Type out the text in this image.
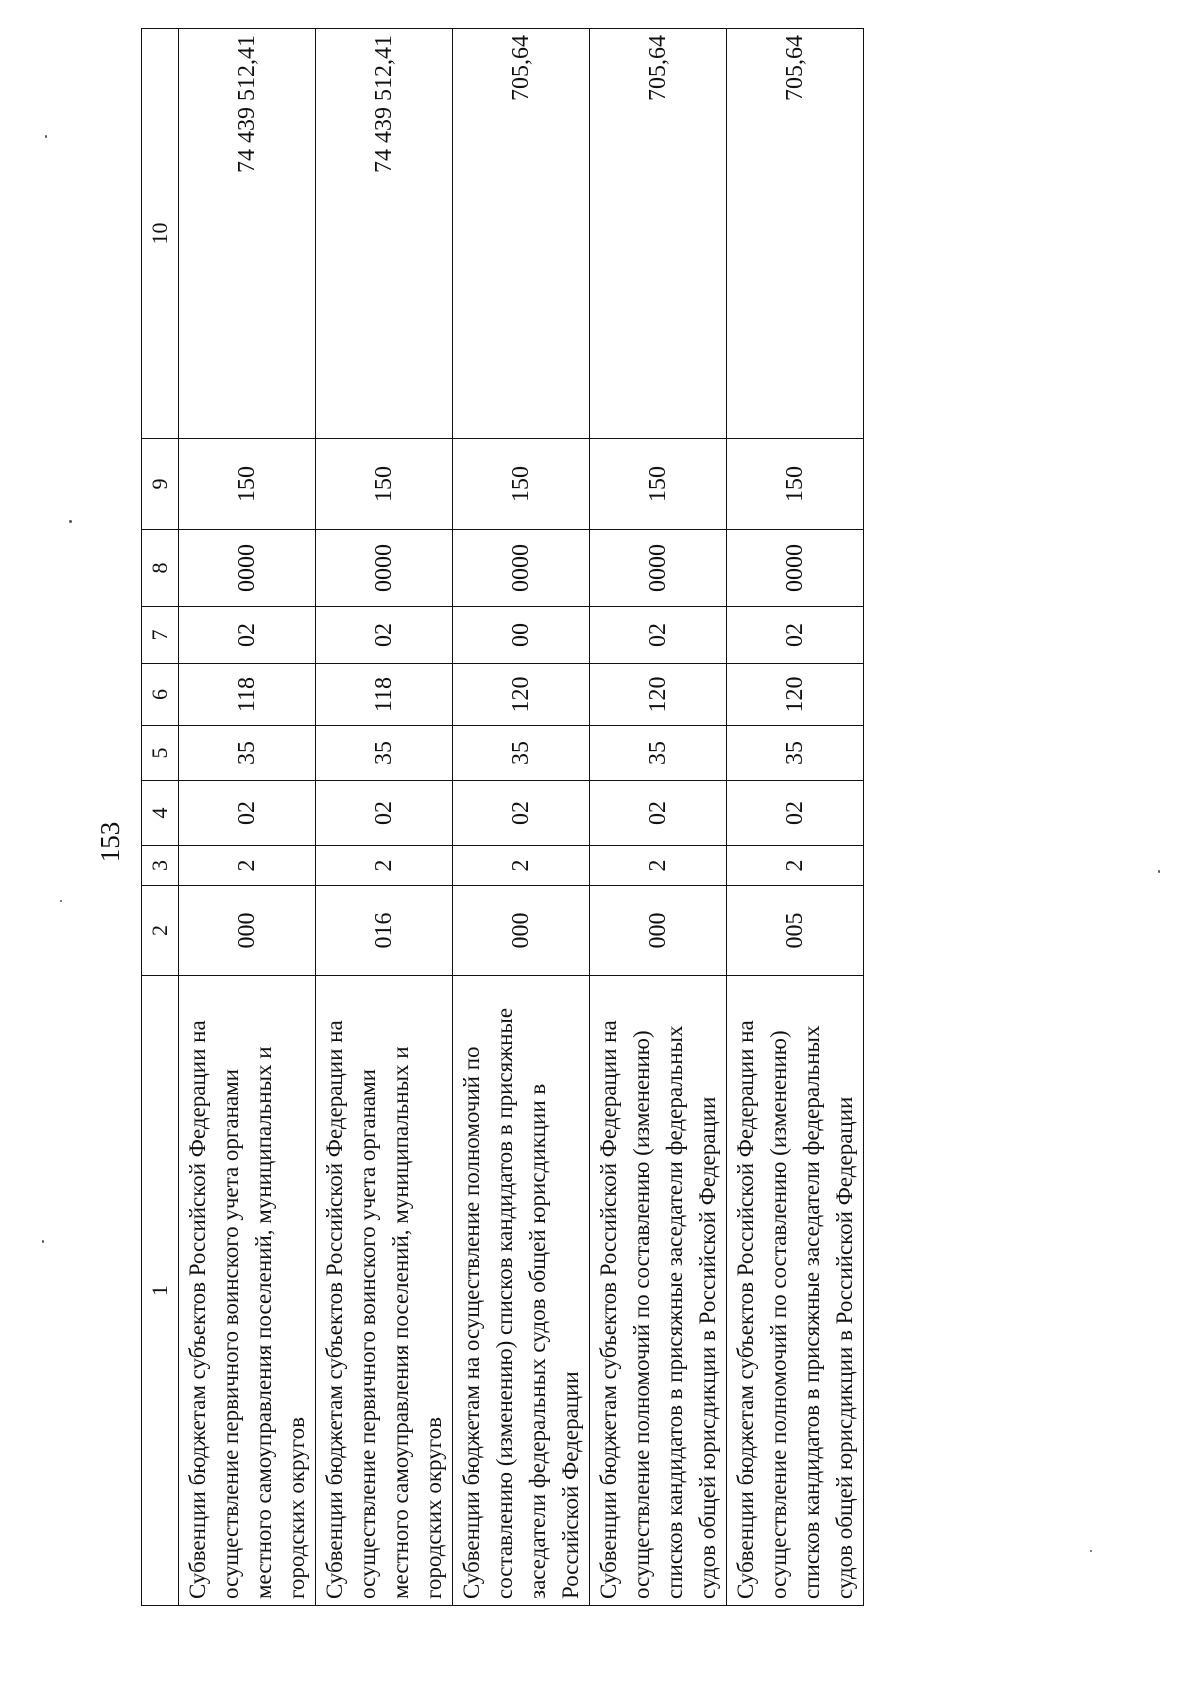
153
1	2	3	4	5	6	7	8	9	10
Субвенции бюджетам субъектов Российской Федерации на осуществление первичного воинского учета органами местного самоуправления поселений, муниципальных и городских округов	000	2	02	35	118	02	0000	150	74 439 512,41
Субвенции бюджетам субъектов Российской Федерации на осуществление первичного воинского учета органами местного самоуправления поселений, муниципальных и городских округов	016	2	02	35	118	02	0000	150	74 439 512,41
Субвенции бюджетам на осуществление полномочий по составлению (изменению) списков кандидатов в присяжные заседатели федеральных судов общей юрисдикции в Российской Федерации	000	2	02	35	120	00	0000	150	705,64
Субвенции бюджетам субъектов Российской Федерации на осуществление полномочий по составлению (изменению) списков кандидатов в присяжные заседатели федеральных судов общей юрисдикции в Российской Федерации	000	2	02	35	120	02	0000	150	705,64
Субвенции бюджетам субъектов Российской Федерации на осуществление полномочий по составлению (изменению) списков кандидатов в присяжные заседатели федеральных судов общей юрисдикции в Российской Федерации	005	2	02	35	120	02	0000	150	705,64
